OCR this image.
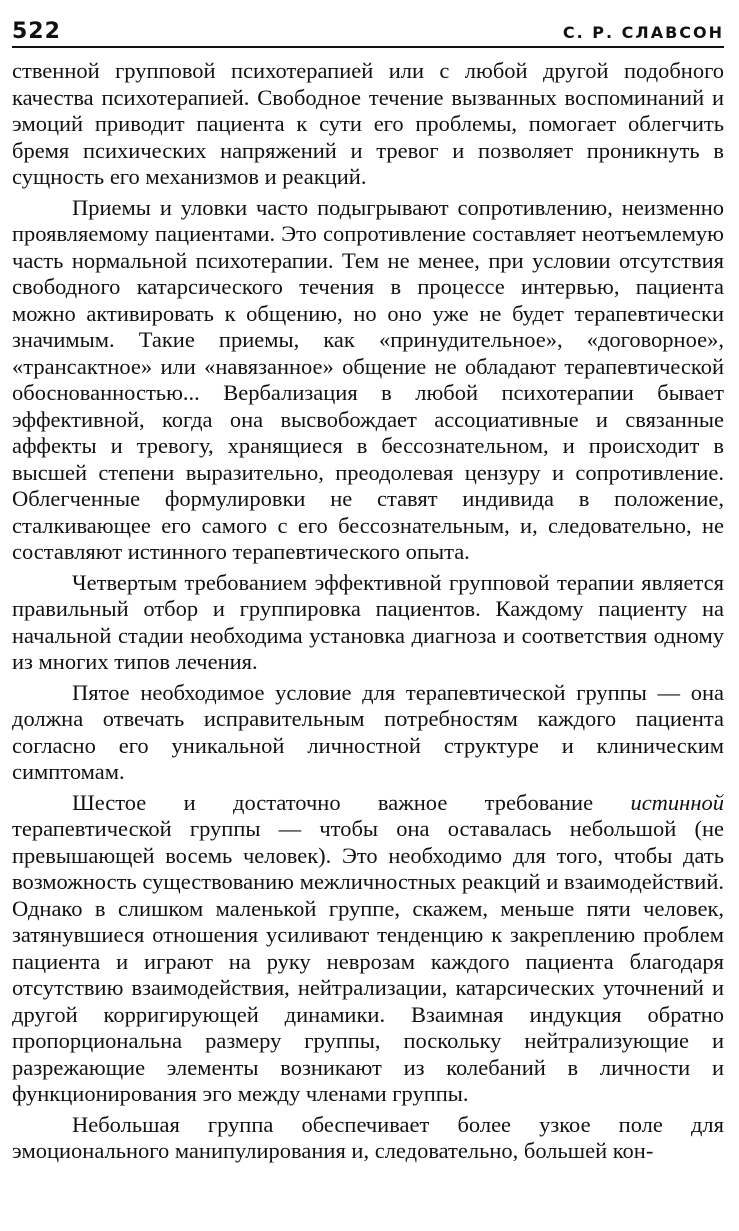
522	С. Р. СЛАВСОН

ственной групповой психотерапией или с любой другой подобного качества психотерапией. Свободное течение вызванных воспоминаний и эмоций приводит пациента к сути его проблемы, помогает облегчить бремя психических напряжений и тревог и позволяет проникнуть в сущность его механизмов и реакций.

Приемы и уловки часто подыгрывают сопротивлению, неизменно проявляемому пациентами. Это сопротивление составляет неотъемлемую часть нормальной психотерапии. Тем не менее, при условии отсутствия свободного катарсического течения в процессе интервью, пациента можно активировать к общению, но оно уже не будет терапевтически значимым. Такие приемы, как «принудительное», «договорное», «трансактное» или «навязанное» общение не обладают терапевтической обоснованностью... Вербализация в любой психотерапии бывает эффективной, когда она высвобождает ассоциативные и связанные аффекты и тревогу, хранящиеся в бессознательном, и происходит в высшей степени выразительно, преодолевая цензуру и сопротивление. Облегченные формулировки не ставят индивида в положение, сталкивающее его самого с его бессознательным, и, следовательно, не составляют истинного терапевтического опыта.

Четвертым требованием эффективной групповой терапии является правильный отбор и группировка пациентов. Каждому пациенту на начальной стадии необходима установка диагноза и соответствия одному из многих типов лечения.

Пятое необходимое условие для терапевтической группы — она должна отвечать исправительным потребностям каждого пациента согласно его уникальной личностной структуре и клиническим симптомам.

Шестое и достаточно важное требование истинной терапевтической группы — чтобы она оставалась небольшой (не превышающей восемь человек). Это необходимо для того, чтобы дать возможность существованию межличностных реакций и взаимодействий. Однако в слишком маленькой группе, скажем, меньше пяти человек, затянувшиеся отношения усиливают тенденцию к закреплению проблем пациента и играют на руку неврозам каждого пациента благодаря отсутствию взаимодействия, нейтрализации, катарсических уточнений и другой корригирующей динамики. Взаимная индукция обратно пропорциональна размеру группы, поскольку нейтрализующие и разрежающие элементы возникают из колебаний в личности и функционирования эго между членами группы.

Небольшая группа обеспечивает более узкое поле для эмоционального манипулирования и, следовательно, большей кон-
